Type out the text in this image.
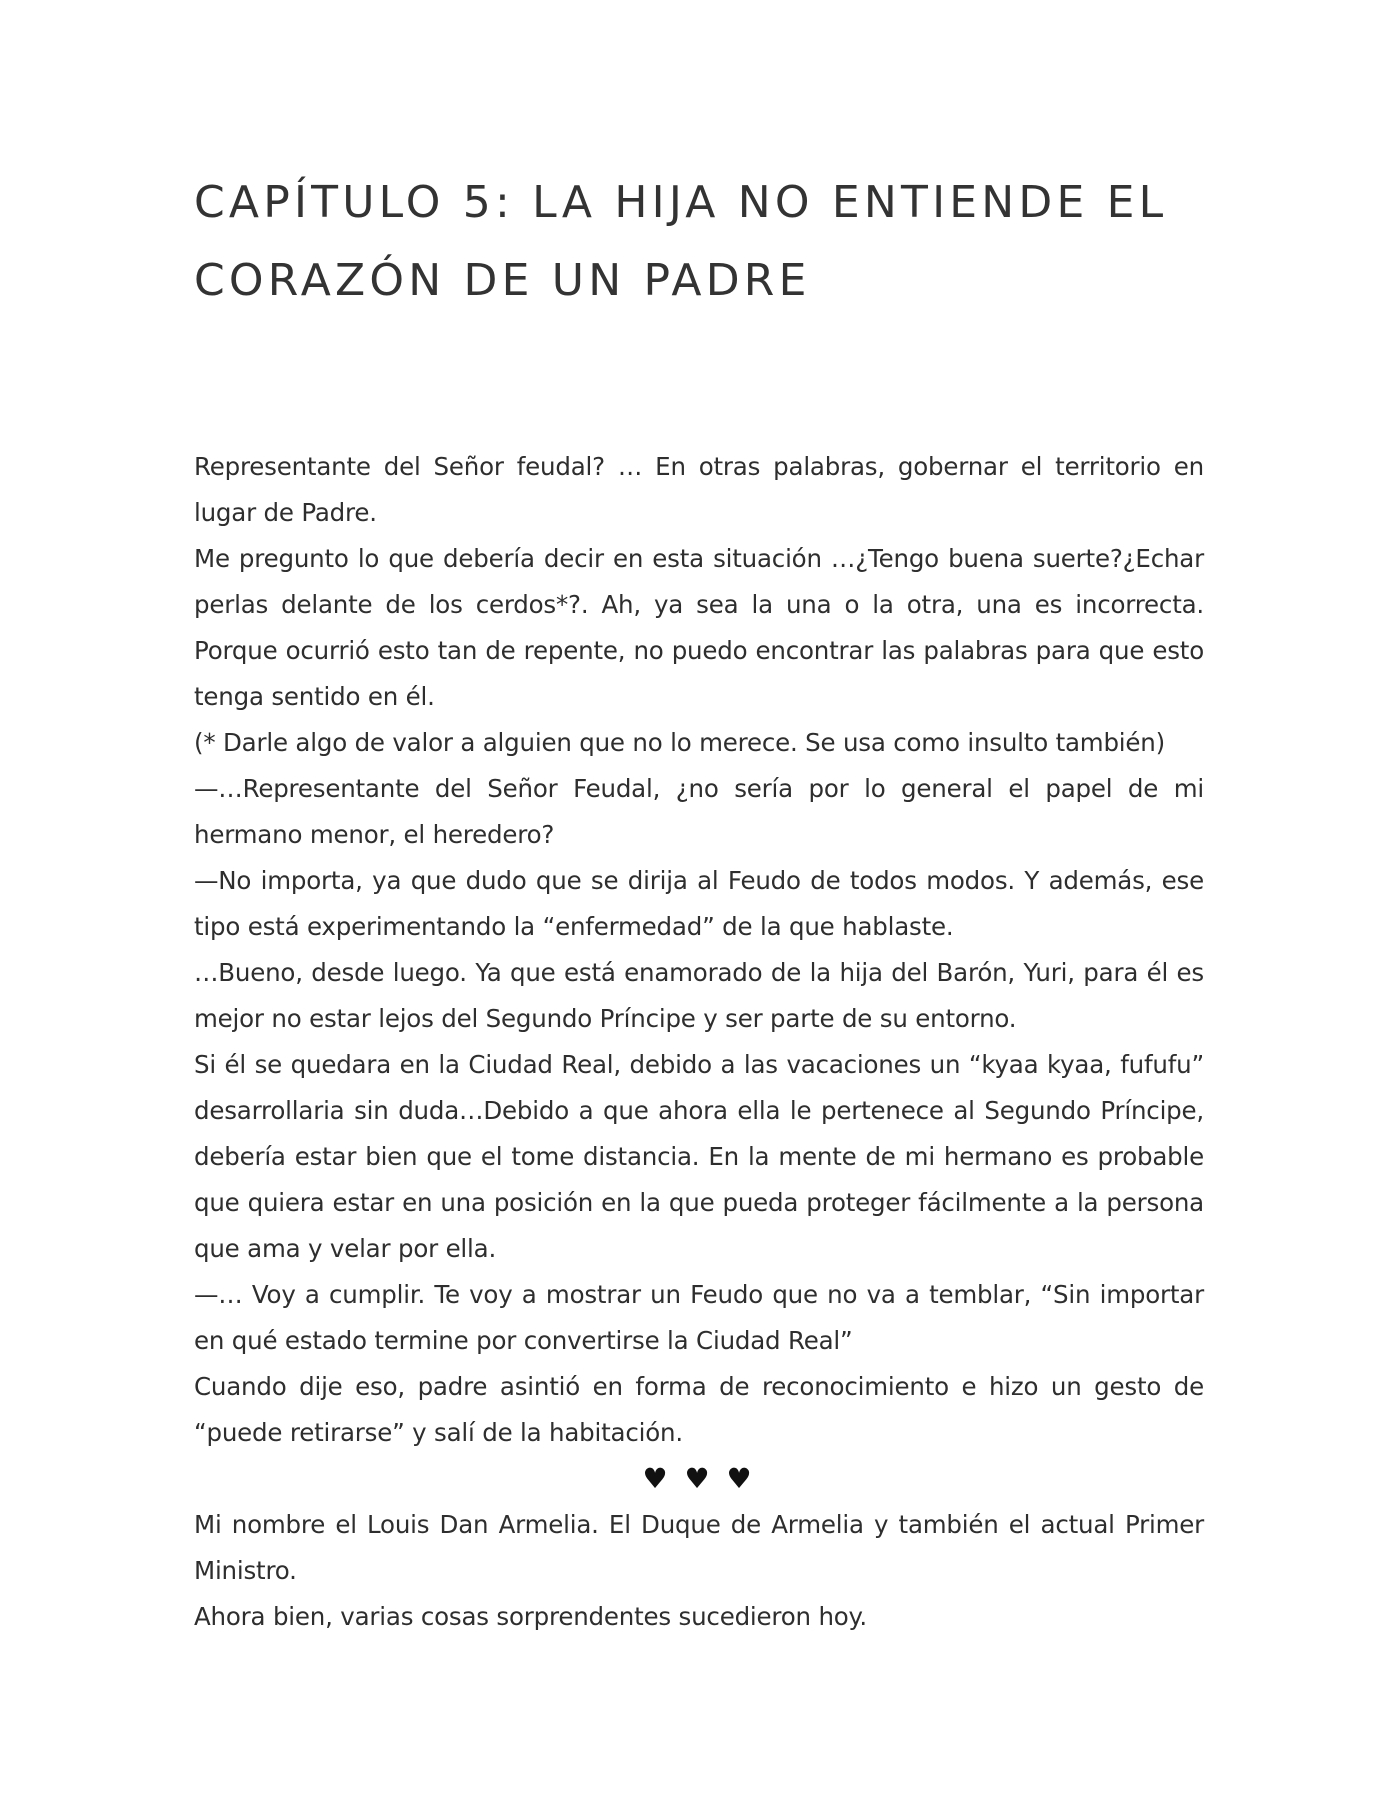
CAPÍTULO 5: LA HIJA NO ENTIENDE EL
CORAZÓN DE UN PADRE

Representante del Señor feudal? … En otras palabras, gobernar el territorio en lugar de Padre.

Me pregunto lo que debería decir en esta situación …¿Tengo buena suerte?¿Echar perlas delante de los cerdos*?. Ah, ya sea la una o la otra, una es incorrecta. Porque ocurrió esto tan de repente, no puedo encontrar las palabras para que esto tenga sentido en él.

(* Darle algo de valor a alguien que no lo merece. Se usa como insulto también)

—…Representante del Señor Feudal, ¿no sería por lo general el papel de mi hermano menor, el heredero?

—No importa, ya que dudo que se dirija al Feudo de todos modos. Y además, ese tipo está experimentando la “enfermedad” de la que hablaste.

…Bueno, desde luego. Ya que está enamorado de la hija del Barón, Yuri, para él es mejor no estar lejos del Segundo Príncipe y ser parte de su entorno.

Si él se quedara en la Ciudad Real, debido a las vacaciones un “kyaa kyaa, fufufu” desarrollaria sin duda…Debido a que ahora ella le pertenece al Segundo Príncipe, debería estar bien que el tome distancia. En la mente de mi hermano es probable que quiera estar en una posición en la que pueda proteger fácilmente a la persona que ama y velar por ella.

—… Voy a cumplir. Te voy a mostrar un Feudo que no va a temblar, “Sin importar en qué estado termine por convertirse la Ciudad Real”

Cuando dije eso, padre asintió en forma de reconocimiento e hizo un gesto de “puede retirarse” y salí de la habitación.

♥ ♥ ♥

Mi nombre el Louis Dan Armelia. El Duque de Armelia y también el actual Primer Ministro.

Ahora bien, varias cosas sorprendentes sucedieron hoy.
